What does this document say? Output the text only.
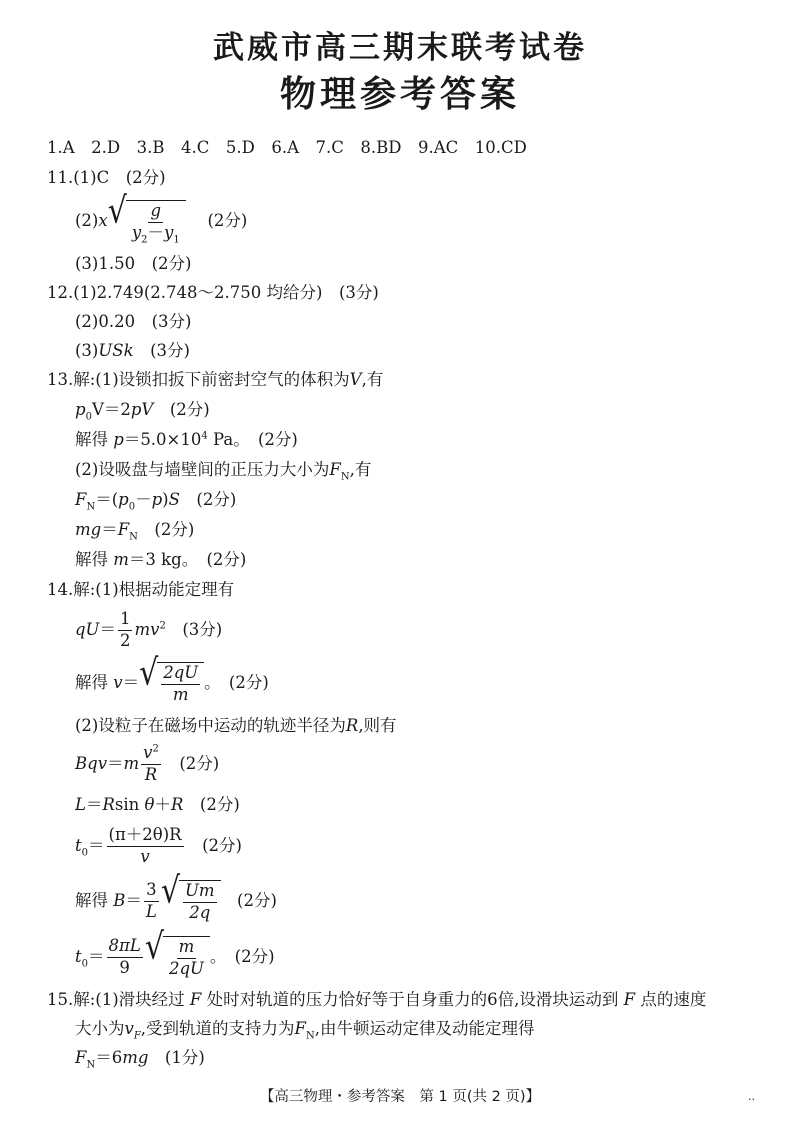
武威市高三期末联考试卷
物理参考答案
1.A　2.D　3.B　4.C　5.D　6.A　7.C　8.BD　9.AC　10.CD
11.(1)C　(2分)
(2)x √ $\frac{g}{y_2-y_1}$
  (2分)
(3)1.50　(2分)
12.(1)2.749(2.748～2.750 均给分)　(3分)
(2)0.20　(3分)
(3)USk  (3分)
13.解:(1)设锁扣扳下前密封空气的体积为V,有
$p_0V=2pV$  (2分)
解得 $p=5.0\times 10^4$ Pa。　(2分)
(2)设吸盘与墙壁间的正压力大小为$F_N$,有
$F_N=(p_0-p)S$  (2分)
$mg=F_N$  (2分)
解得 m＝3 kg。　(2分)
14.解:(1)根据动能定理有
$qU= \frac{1}{2} mv^2$  (3分)
解得 v＝ √ $\frac{2qU}{m}$ 。　(2分)
(2)设粒子在磁场中运动的轨迹半径为R,则有
$Bqv=m \frac{v^2}{R}$
  (2分)
L＝Rsin θ＋R  (2分)
$t_0= \frac{(\pi+2\theta)R}{v}$
  (2分)
解得 $B= \frac{3}{L}$ √ $\frac{Um}{2q}$
  (2分)
$t_0= \frac{8\pi L}{9}$ √ $\frac{m}{2qU}$ 。　(2分)
15.解:(1)滑块经过 F 处时对轨道的压力恰好等于自身重力的6倍,设滑块运动到 F 点的速度
大小为$v_F$,受到轨道的支持力为$F_N$,由牛顿运动定律及动能定理得
$F_N=6mg$  (1分)
【高三物理・参考答案　第 1 页(共 2 页)】	··
